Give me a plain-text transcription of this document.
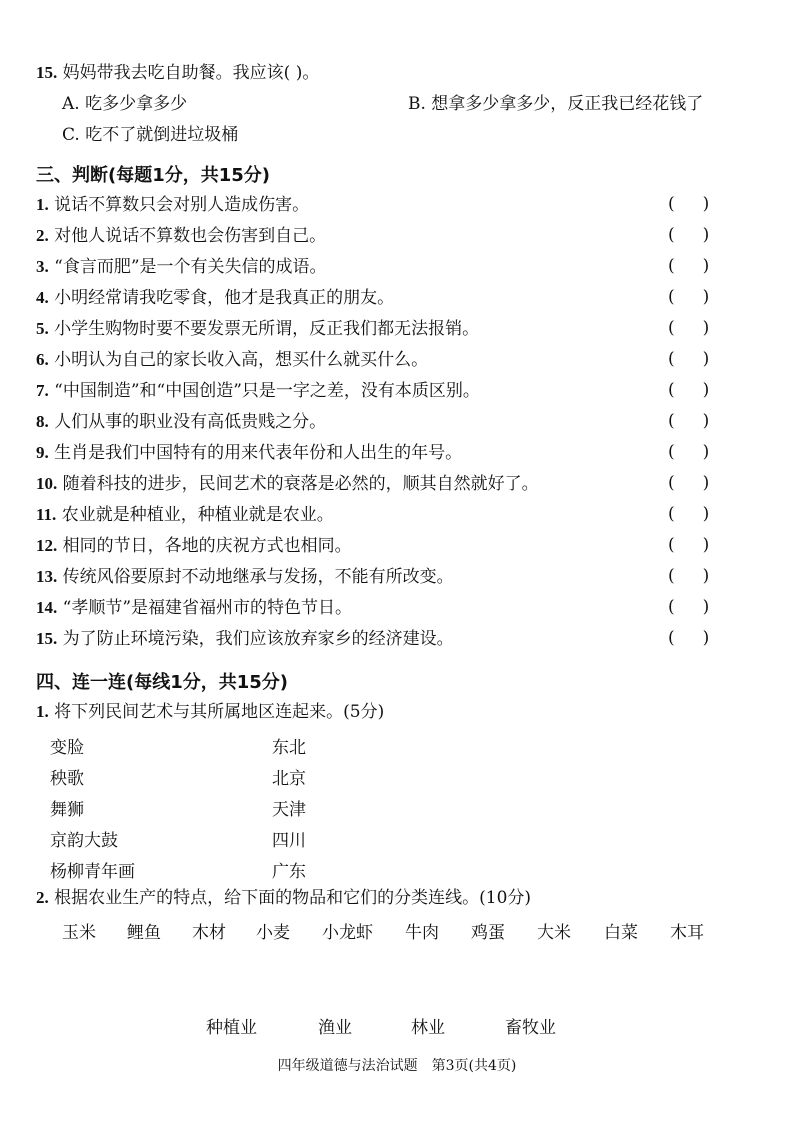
15. 妈妈带我去吃自助餐。我应该( )。
A. 吃多少拿多少	B. 想拿多少拿多少，反正我已经花钱了
C. 吃不了就倒进垃圾桶
三、判断(每题1分，共15分)
1. 说话不算数只会对别人造成伤害。	( )
2. 对他人说话不算数也会伤害到自己。	( )
3. “食言而肥”是一个有关失信的成语。	( )
4. 小明经常请我吃零食，他才是我真正的朋友。	( )
5. 小学生购物时要不要发票无所谓，反正我们都无法报销。	( )
6. 小明认为自己的家长收入高，想买什么就买什么。	( )
7. “中国制造”和“中国创造”只是一字之差，没有本质区别。	( )
8. 人们从事的职业没有高低贵贱之分。	( )
9. 生肖是我们中国特有的用来代表年份和人出生的年号。	( )
10. 随着科技的进步，民间艺术的衰落是必然的，顺其自然就好了。	( )
11. 农业就是种植业，种植业就是农业。	( )
12. 相同的节日，各地的庆祝方式也相同。	( )
13. 传统风俗要原封不动地继承与发扬，不能有所改变。	( )
14. “孝顺节”是福建省福州市的特色节日。	( )
15. 为了防止环境污染，我们应该放弃家乡的经济建设。	( )
四、连一连(每线1分，共15分)
1. 将下列民间艺术与其所属地区连起来。(5分)
变脸	东北
秧歌	北京
舞狮	天津
京韵大鼓	四川
杨柳青年画	广东
2. 根据农业生产的特点，给下面的物品和它们的分类连线。(10分)
玉米 鲤鱼 木材 小麦 小龙虾 牛肉 鸡蛋 大米 白菜 木耳
种植业	渔业	林业	畜牧业
四年级道德与法治试题　第3页(共4页)
